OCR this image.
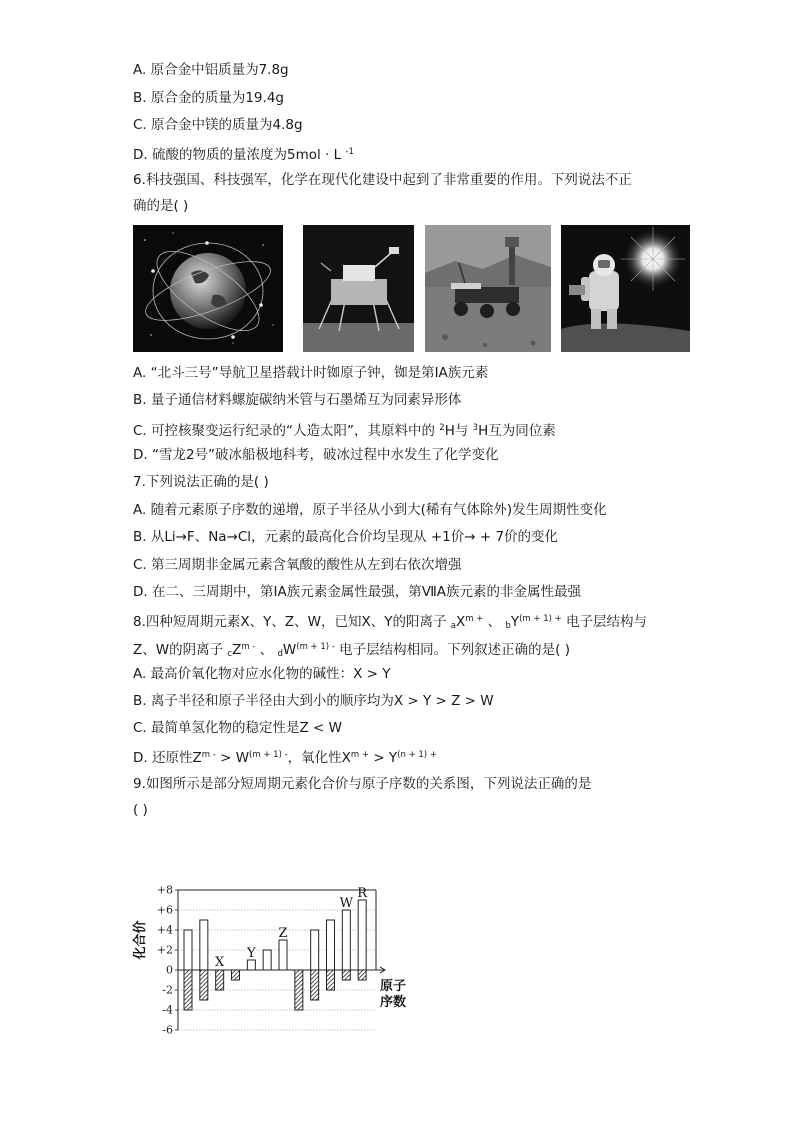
A. 原合金中铝质量为7.8g
B. 原合金的质量为19.4g
C. 原合金中镁的质量为4.8g
D. 硫酸的物质的量浓度为5mol · L $^{-1}$
6.科技强国、科技强军，化学在现代化建设中起到了非常重要的作用。下列说法不正
确的是( )
A. “北斗三号”导航卫星搭载计时铷原子钟，铷是第ⅠA族元素
B. 量子通信材料螺旋碳纳米管与石墨烯互为同素异形体
C. 可控核聚变运行纪录的“人造太阳”，其原料中的 $^2$H与 $^3$H互为同位素
D. “雪龙2号”破冰船极地科考，破冰过程中水发生了化学变化
7.下列说法正确的是( )
A. 随着元素原子序数的递增，原子半径从小到大(稀有气体除外)发生周期性变化
B. 从Li→F、Na→Cl，元素的最高化合价均呈现从 +1价→ + 7价的变化
C. 第三周期非金属元素含氧酸的酸性从左到右依次增强
D. 在二、三周期中，第ⅠA族元素金属性最强，第ⅦA族元素的非金属性最强
8.四种短周期元素X、Y、Z、W，已知X、Y的阳离子 $_aX^{m +}$ 、 $_bY^{(m + 1) +}$ 电子层结构与
Z、W的阴离子 $_cZ^{m -}$ 、 $_dW^{(m + 1) -}$ 电子层结构相同。下列叙述正确的是( )
A. 最高价氧化物对应水化物的碱性：X > Y
B. 离子半径和原子半径由大到小的顺序均为X > Y > Z > W
C. 最简单氢化物的稳定性是Z < W
D. 还原性$Z^{m -} > W^{(m + 1) -}$，氧化性$X^{m +} > Y^{(n + 1) +}$
9.如图所示是部分短周期元素化合价与原子序数的关系图，下列说法正确的是
( )
+8
+6
+4
+2
0
-2
-4
-6
X
Y
Z
W
R
化合价
原子
序数
